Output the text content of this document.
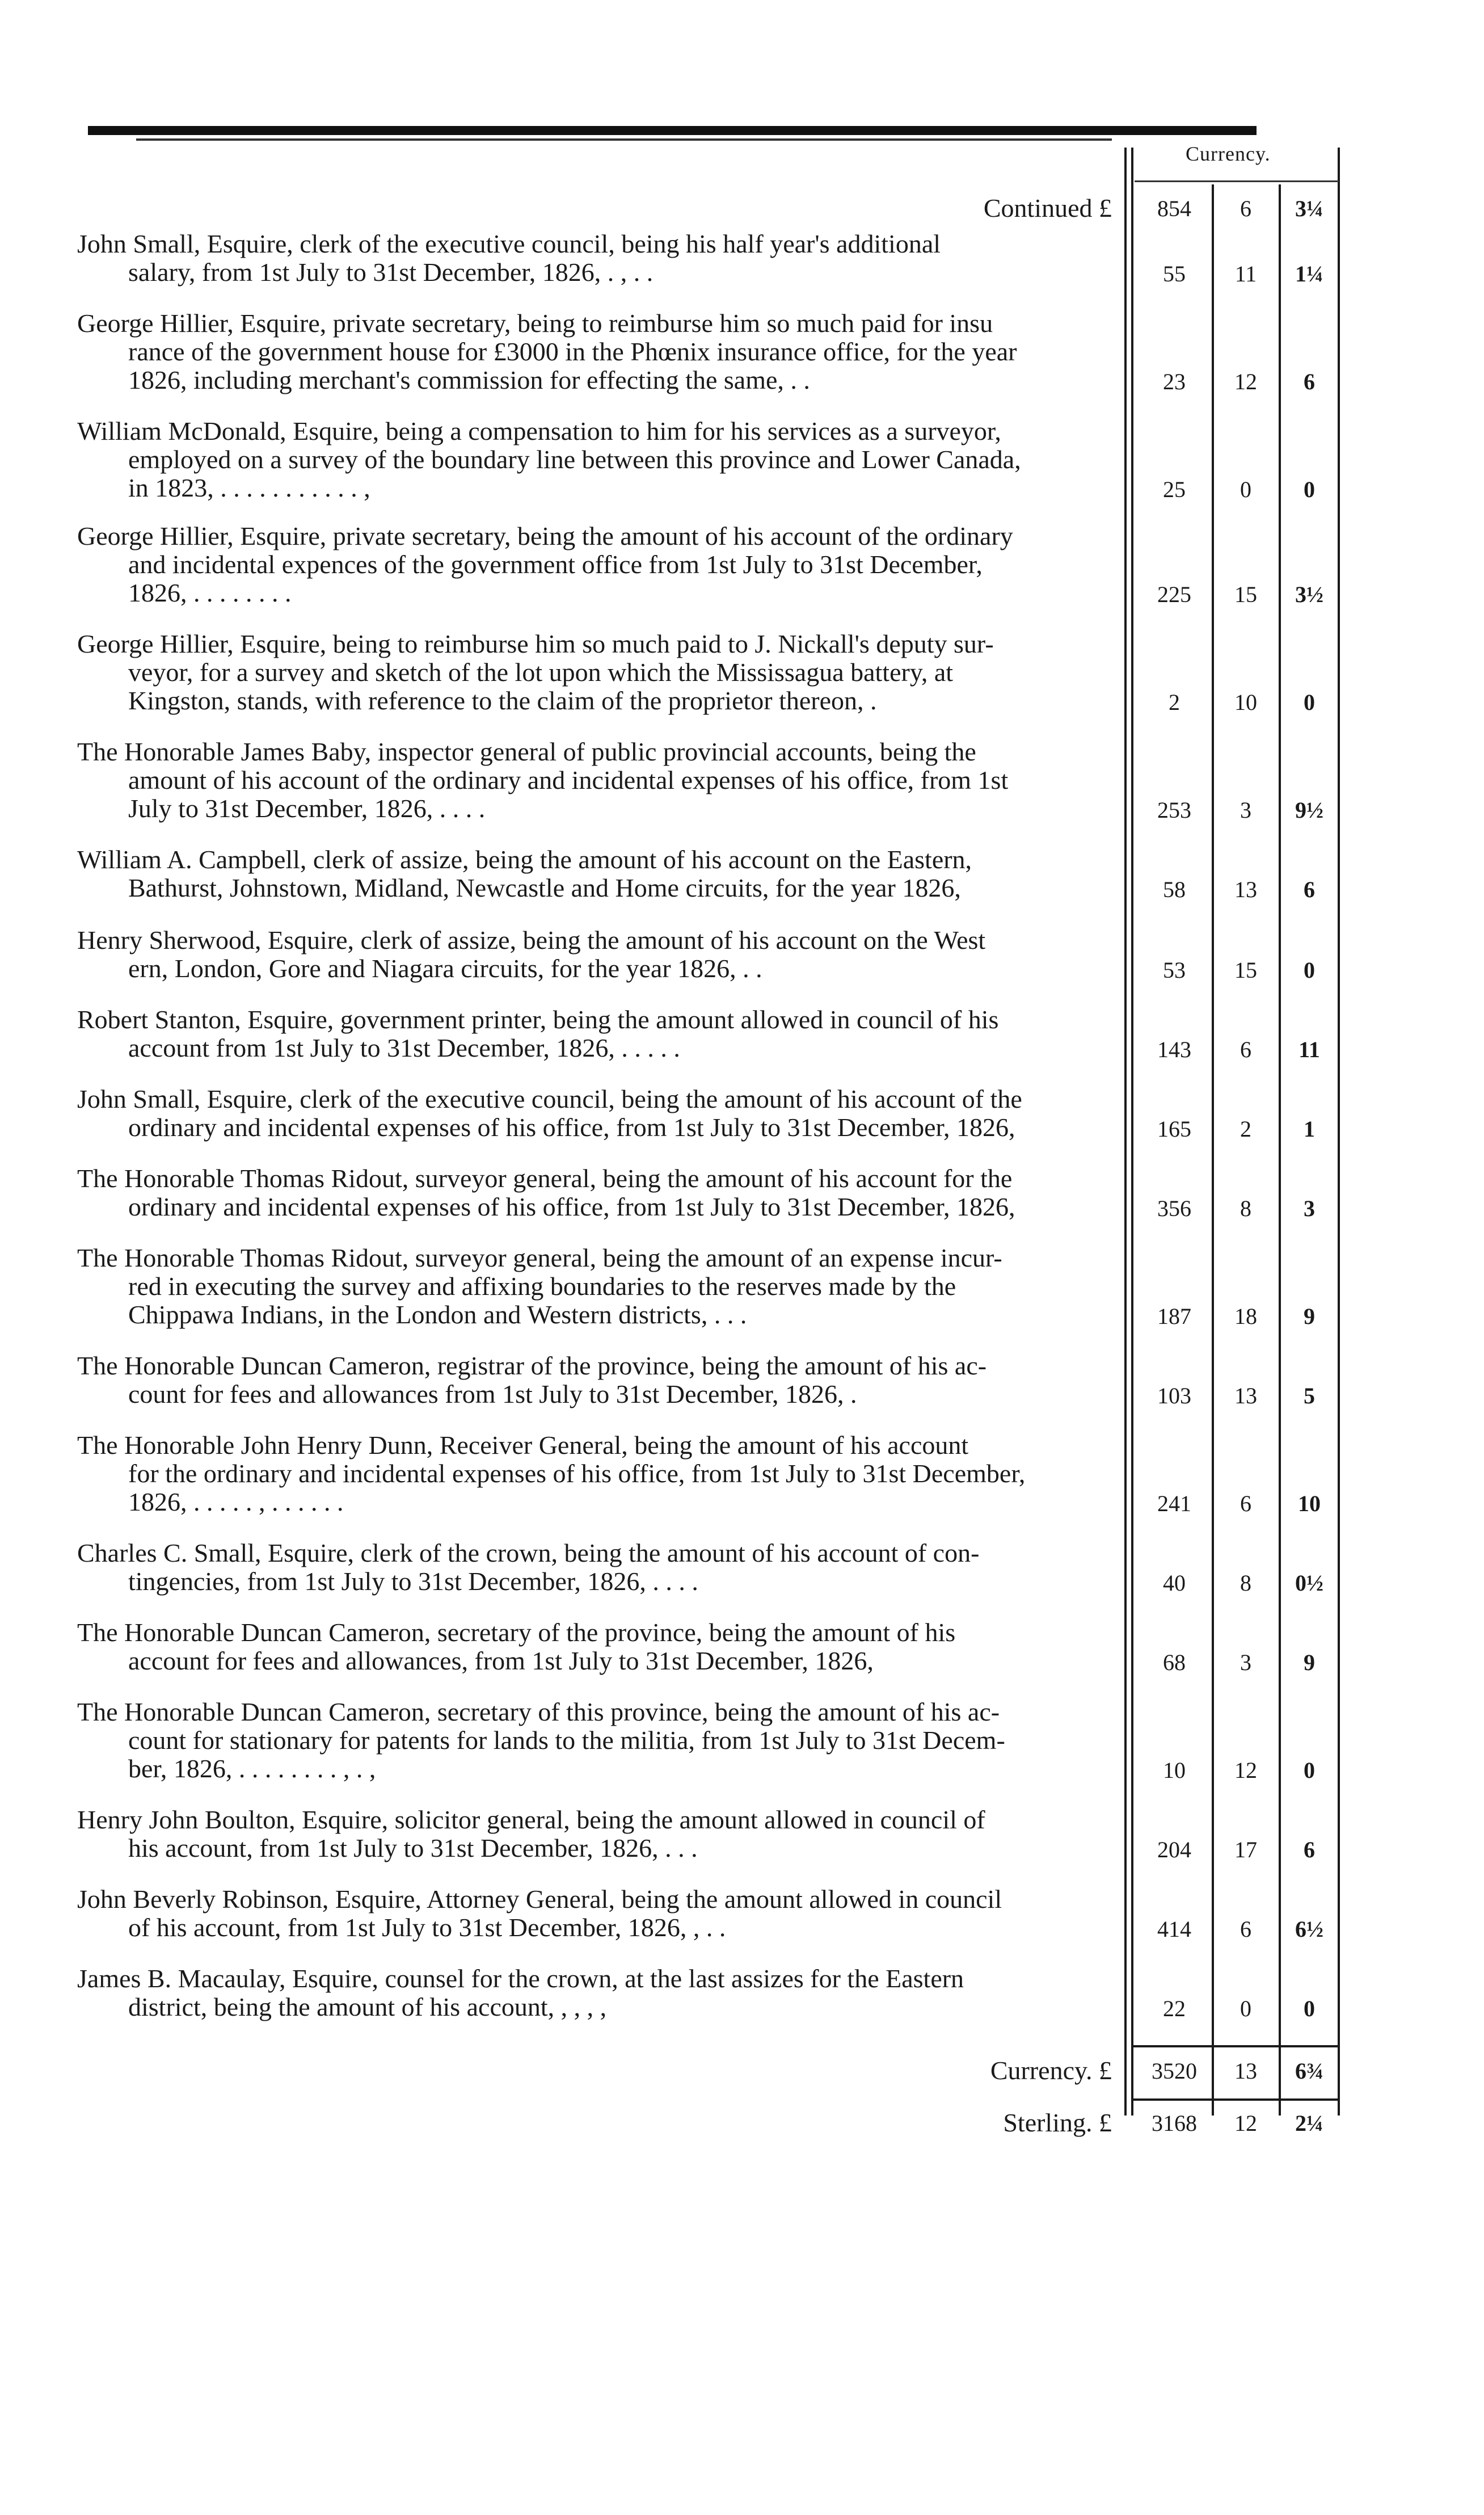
Currency.
Continued £	854	6	3¼
John Small, Esquire, clerk of the executive council, being his half year's additional
salary, from 1st July to 31st December, 1826, . , . .	55	11	1¼
George Hillier, Esquire, private secretary, being to reimburse him so much paid for insu
rance of the government house for £3000 in the Phœnix insurance office, for the year
1826, including merchant's commission for effecting the same, . .	23	12	6
William McDonald, Esquire, being a compensation to him for his services as a surveyor,
employed on a survey of the boundary line between this province and Lower Canada,
in 1823, . . . . . . . . . . . ,	25	0	0
George Hillier, Esquire, private secretary, being the amount of his account of the ordinary
and incidental expences of the government office from 1st July to 31st December,
1826, . . . . . . . .	225	15	3½
George Hillier, Esquire, being to reimburse him so much paid to J. Nickall's deputy sur-
veyor, for a survey and sketch of the lot upon which the Mississagua battery, at
Kingston, stands, with reference to the claim of the proprietor thereon, .	2	10	0
The Honorable James Baby, inspector general of public provincial accounts, being the
amount of his account of the ordinary and incidental expenses of his office, from 1st
July to 31st December, 1826, . . . .	253	3	9½
William A. Campbell, clerk of assize, being the amount of his account on the Eastern,
Bathurst, Johnstown, Midland, Newcastle and Home circuits, for the year 1826,	58	13	6
Henry Sherwood, Esquire, clerk of assize, being the amount of his account on the West
ern, London, Gore and Niagara circuits, for the year 1826, . .	53	15	0
Robert Stanton, Esquire, government printer, being the amount allowed in council of his
account from 1st July to 31st December, 1826, . . . . .	143	6	11
John Small, Esquire, clerk of the executive council, being the amount of his account of the
ordinary and incidental expenses of his office, from 1st July to 31st December, 1826,	165	2	1
The Honorable Thomas Ridout, surveyor general, being the amount of his account for the
ordinary and incidental expenses of his office, from 1st July to 31st December, 1826,	356	8	3
The Honorable Thomas Ridout, surveyor general, being the amount of an expense incur-
red in executing the survey and affixing boundaries to the reserves made by the
Chippawa Indians, in the London and Western districts, . . .	187	18	9
The Honorable Duncan Cameron, registrar of the province, being the amount of his ac-
count for fees and allowances from 1st July to 31st December, 1826, .	103	13	5
The Honorable John Henry Dunn, Receiver General, being the amount of his account
for the ordinary and incidental expenses of his office, from 1st July to 31st December,
1826, . . . . . , . . . . . .	241	6	10
Charles C. Small, Esquire, clerk of the crown, being the amount of his account of con-
tingencies, from 1st July to 31st December, 1826, . . . .	40	8	0½
The Honorable Duncan Cameron, secretary of the province, being the amount of his
account for fees and allowances, from 1st July to 31st December, 1826,	68	3	9
The Honorable Duncan Cameron, secretary of this province, being the amount of his ac-
count for stationary for patents for lands to the militia, from 1st July to 31st Decem-
ber, 1826, . . . . . . . . , . ,	10	12	0
Henry John Boulton, Esquire, solicitor general, being the amount allowed in council of
his account, from 1st July to 31st December, 1826, . . .	204	17	6
John Beverly Robinson, Esquire, Attorney General, being the amount allowed in council
of his account, from 1st July to 31st December, 1826, , . .	414	6	6½
James B. Macaulay, Esquire, counsel for the crown, at the last assizes for the Eastern
district, being the amount of his account, , , , ,	22	0	0
Currency. £	3520	13	6¾
Sterling. £	3168	12	2¼
